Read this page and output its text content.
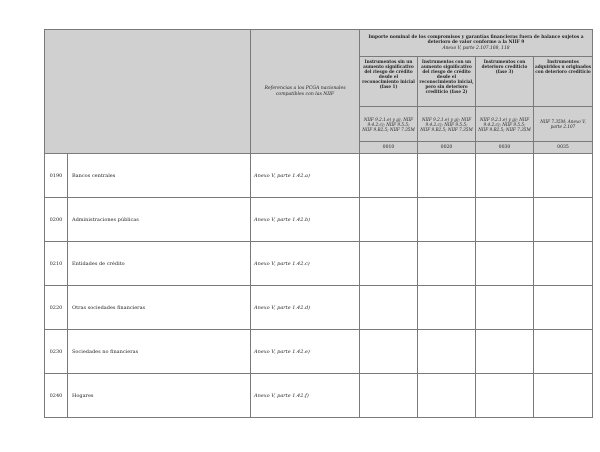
		Referencias a los PCGA nacionales compatibles con las NIIF	Importe nominal de los compromisos y garantías financieras fuera de balance sujetos a deterioro de valor conforme a la NIIF 9
Anexo V, parte 2.107.108, 118			

			Instrumentos sin un aumento significativo del riesgo de crédito desde el reconocimiento inicial (fase 1)	Instrumentos con un aumento significativo del riesgo de crédito desde el reconocimiento inicial, pero sin deterioro crediticio (fase 2)	Instrumentos con deterioro crediticio (fase 3)	Instrumentos adquiridos u originados con deterioro crediticio
			NIIF 9.2.1.e) y g), NIIF 9.4.2.c); NIIF 9.5.5; NIIF 9.B2.5; NIIF 7.35M	NIIF 9.2.1.e) y g); NIIF 9.4.2.c); NIIF 9.5.5; NIIF 9.B2.5; NIIF 7.35M	NIIF 9.2.1.e) y g); NIIF 9.4.2.c); NIIF 9.5.5; NIIF 9.B2.5; NIIF 7.35M	NIIF 7.35M; Anexo V, parte 2.107
			0010	0020	0030	0035
0190	Bancos centrales	Anexo V, parte 1.42.a)				
0200	Administraciones públicas	Anexo V, parte 1.42.b)				
0210	Entidades de crédito	Anexo V, parte 1.42.c)				
0220	Otras sociedades financieras	Anexo V, parte 1.42.d)				
0230	Sociedades no financieras	Anexo V, parte 1.42.e)				
0240	Hogares	Anexo V, parte 1.42.f)				
